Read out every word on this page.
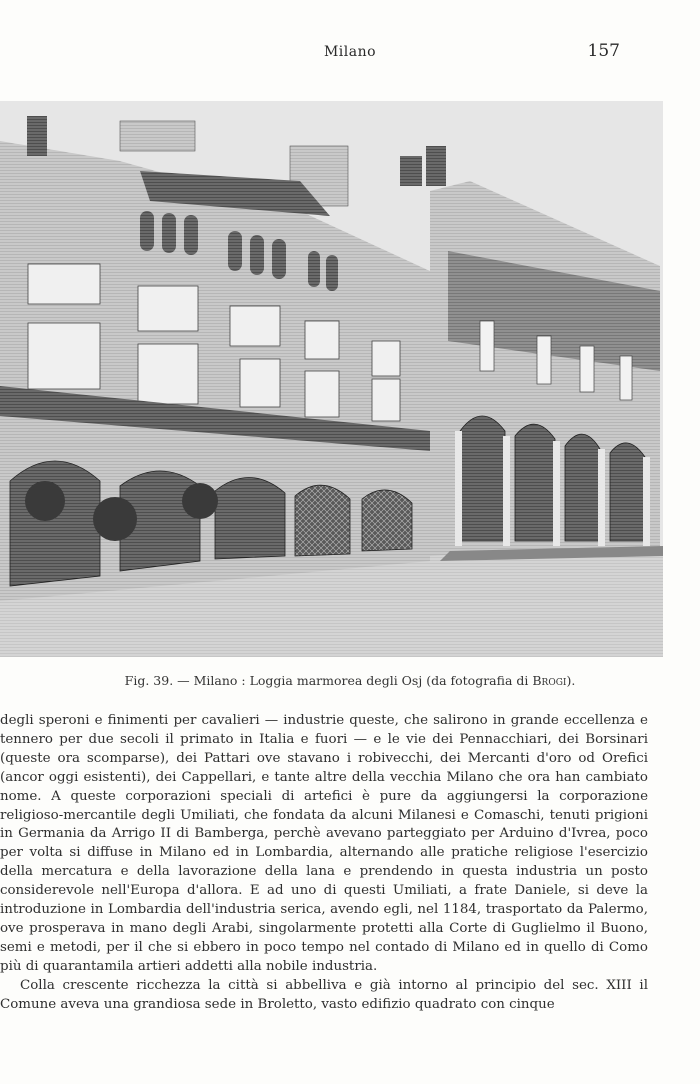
Milano	157
Fig. 39. — Milano : Loggia marmorea degli Osj (da fotografia di Brogi).

degli speroni e finimenti per cavalieri — industrie queste, che salirono in grande eccellenza e tennero per due secoli il primato in Italia e fuori — e le vie dei Pennacchiari, dei Borsinari (queste ora scomparse), dei Pattari ove stavano i robivecchi, dei Mercanti d'oro od Orefici (ancor oggi esistenti), dei Cappellari, e tante altre della vecchia Milano che ora han cambiato nome. A queste corporazioni speciali di artefici è pure da aggiungersi la corporazione religioso-mercantile degli Umiliati, che fondata da alcuni Milanesi e Comaschi, tenuti prigioni in Germania da Arrigo II di Bamberga, perchè avevano parteggiato per Arduino d'Ivrea, poco per volta si diffuse in Milano ed in Lombardia, alternando alle pratiche religiose l'esercizio della mercatura e della lavorazione della lana e prendendo in questa industria un posto considerevole nell'Europa d'allora. E ad uno di questi Umiliati, a frate Daniele, si deve la introduzione in Lombardia dell'industria serica, avendo egli, nel 1184, trasportato da Palermo, ove prosperava in mano degli Arabi, singolarmente protetti alla Corte di Guglielmo il Buono, semi e metodi, per il che si ebbero in poco tempo nel contado di Milano ed in quello di Como più di quarantamila artieri addetti alla nobile industria.

Colla crescente ricchezza la città si abbelliva e già intorno al principio del sec. XIII il Comune aveva una grandiosa sede in Broletto, vasto edifizio quadrato con cinque
